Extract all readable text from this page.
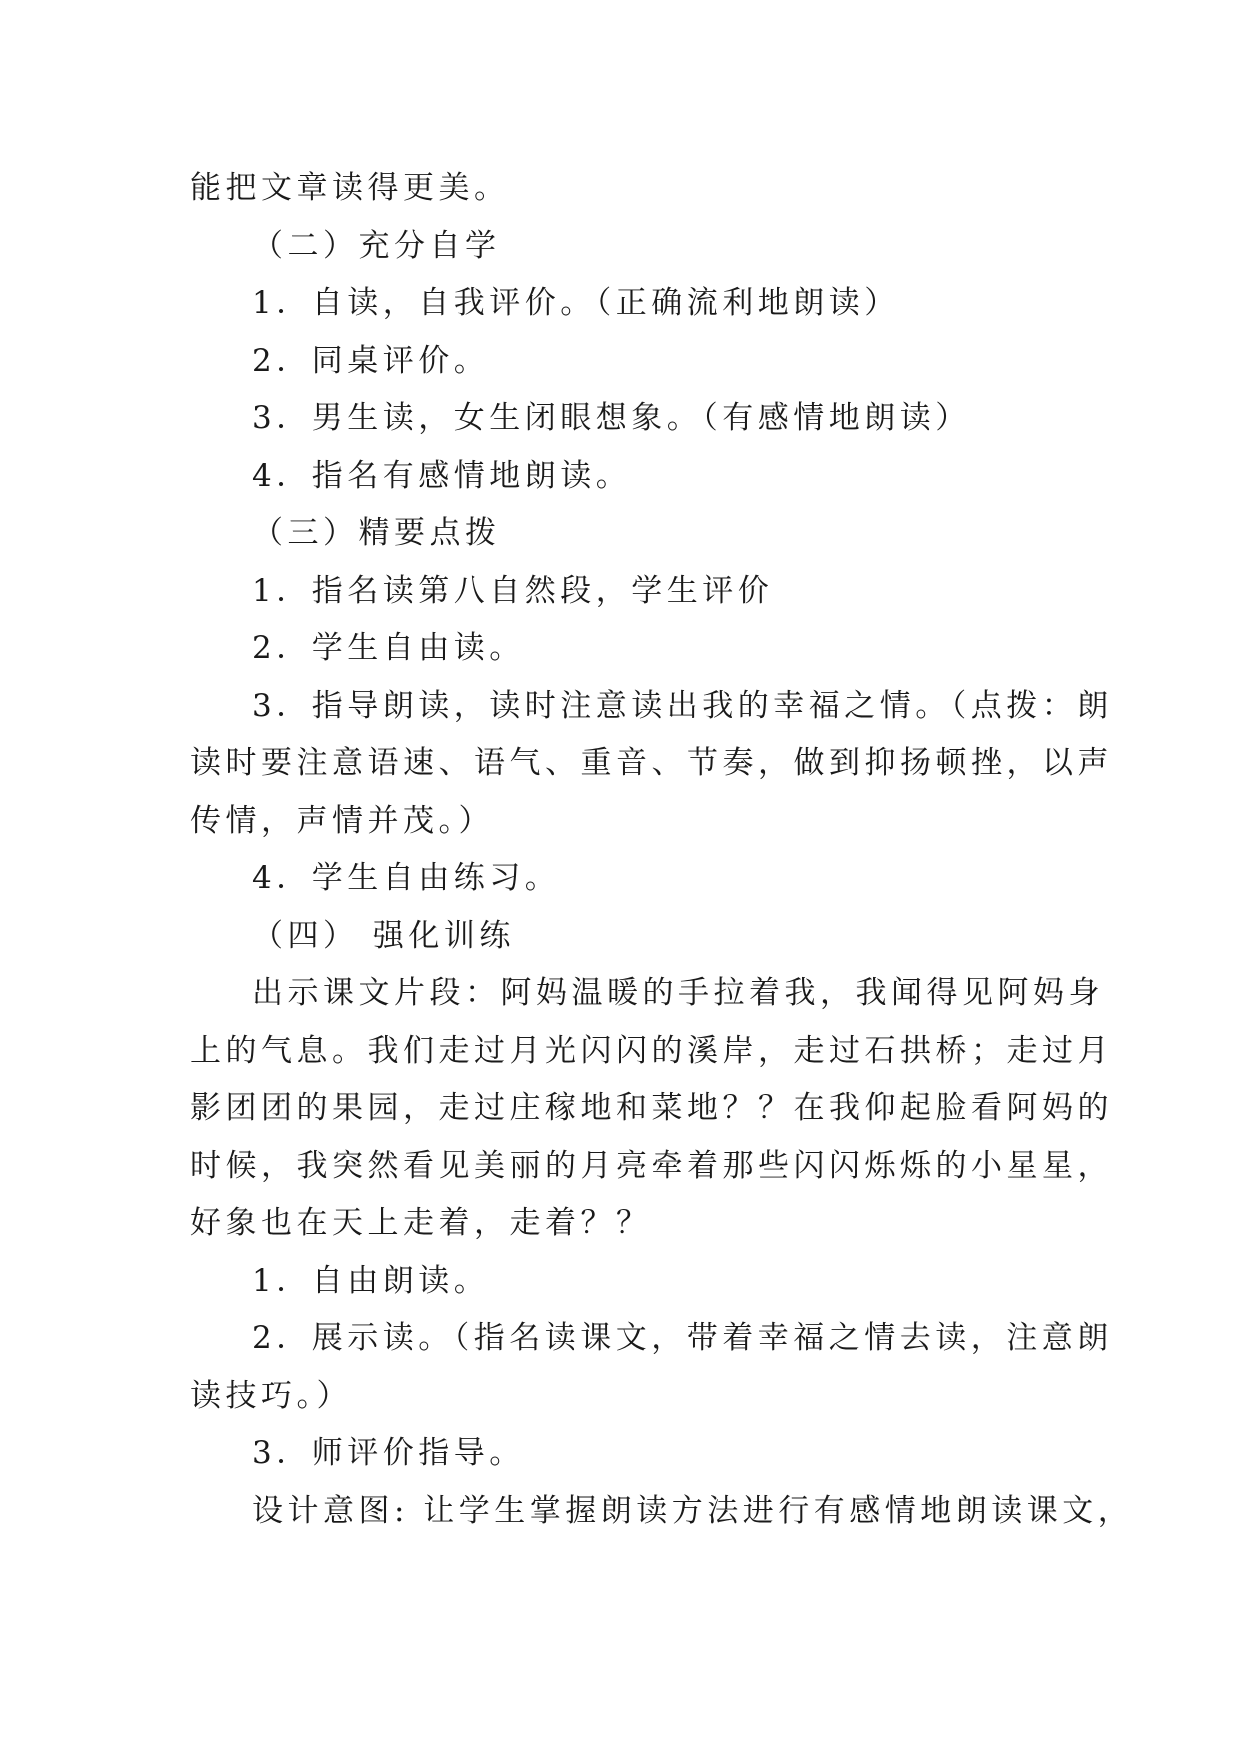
能把文章读得更美。
（二）充分自学
1．自读，自我评价。（正确流利地朗读）
2．同桌评价。
3．男生读，女生闭眼想象。（有感情地朗读）
4．指名有感情地朗读。
（三）精要点拨
1．指名读第八自然段，学生评价
2．学生自由读。
3．指导朗读，读时注意读出我的幸福之情。（点拨：朗
读时要注意语速、语气、重音、节奏，做到抑扬顿挫，以声
传情，声情并茂。）
4．学生自由练习。
（四） 强化训练
出示课文片段：阿妈温暖的手拉着我，我闻得见阿妈身
上的气息。我们走过月光闪闪的溪岸，走过石拱桥；走过月
影团团的果园，走过庄稼地和菜地？？在我仰起脸看阿妈的
时候，我突然看见美丽的月亮牵着那些闪闪烁烁的小星星，
好象也在天上走着，走着？？
1．自由朗读。
2．展示读。（指名读课文，带着幸福之情去读，注意朗
读技巧。）
3．师评价指导。
设计意图: 让学生掌握朗读方法进行有感情地朗读课文，
